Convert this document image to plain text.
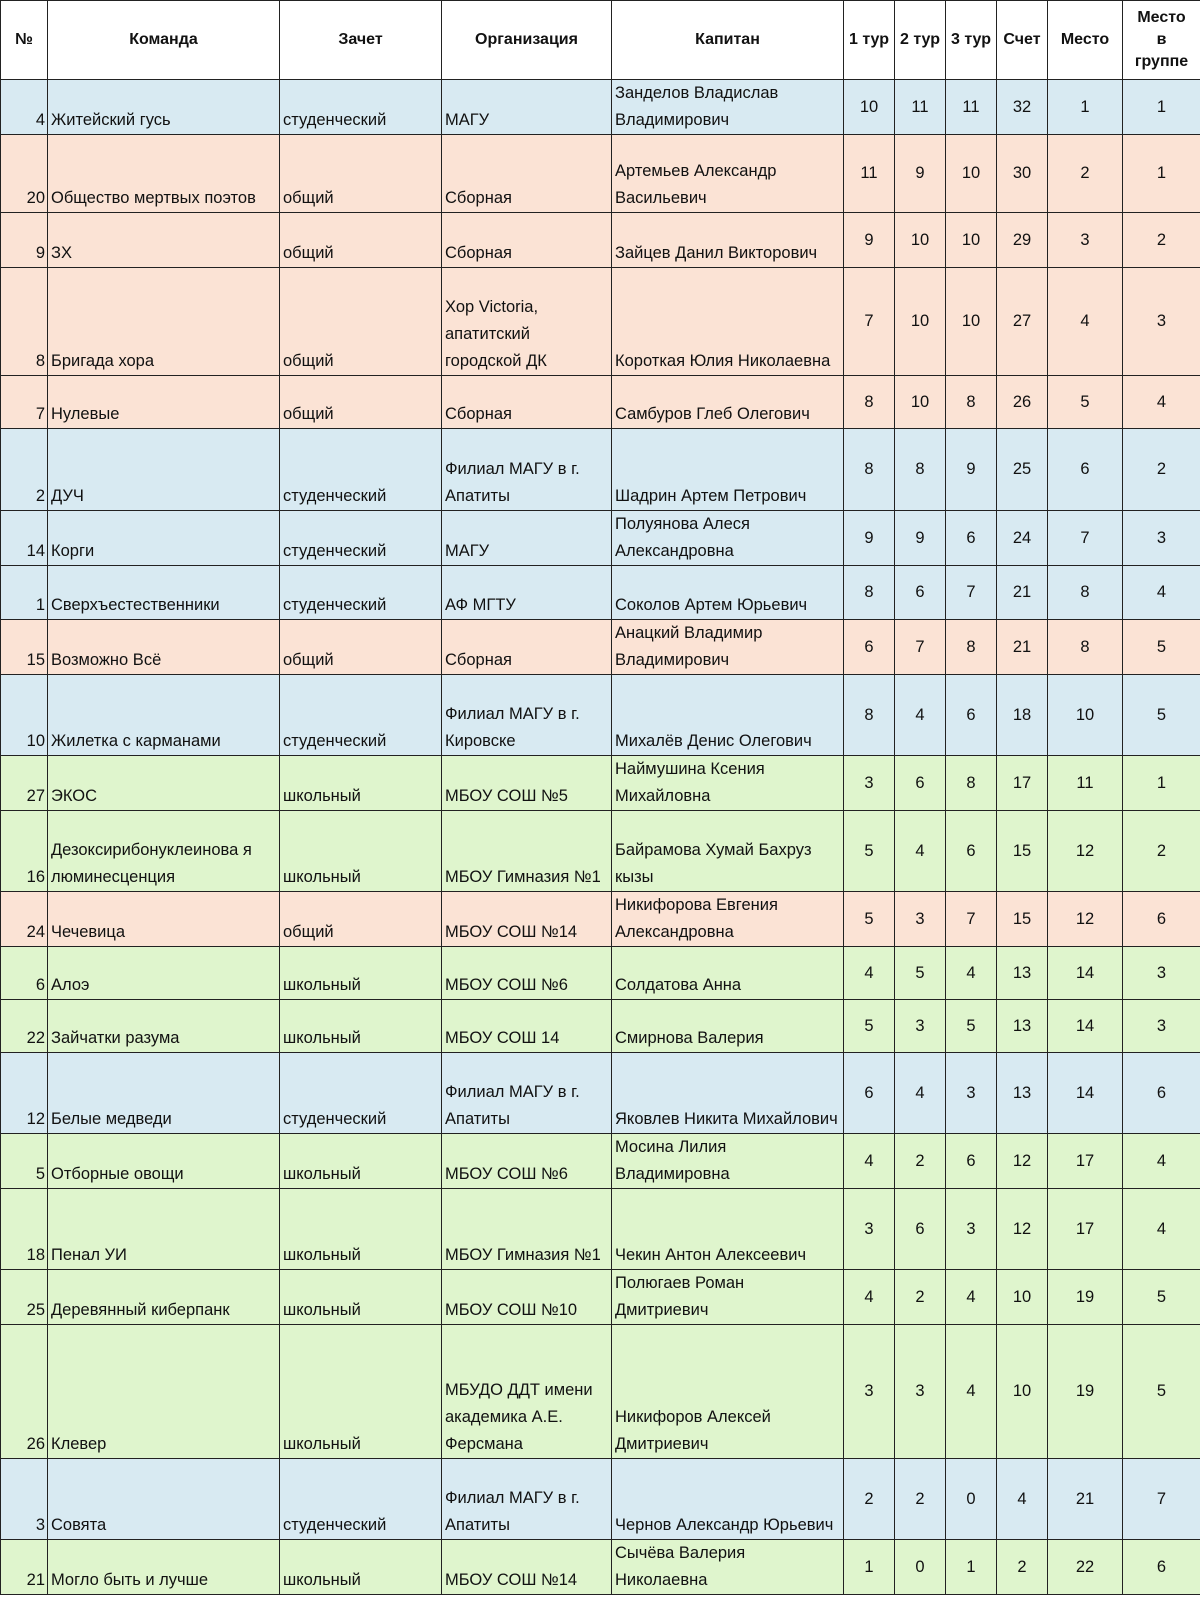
№	Команда	Зачет	Организация	Капитан	1 тур	2 тур	3 тур	Счет	Место	Место
в
группе

4	Житейский гусь	студенческий	МАГУ	Занделов Владислав Владимирович	10	11	11	32	1	1
20	Общество мертвых поэтов	общий	Сборная	Артемьев Александр Васильевич	11	9	10	30	2	1
9	ЗХ	общий	Сборная	Зайцев Данил Викторович	9	10	10	29	3	2
8	Бригада хора	общий	Хор Victoria, апатитский городской ДК	Короткая Юлия Николаевна	7	10	10	27	4	3
7	Нулевые	общий	Сборная	Самбуров Глеб Олегович	8	10	8	26	5	4
2	ДУЧ	студенческий	Филиал МАГУ в г. Апатиты	Шадрин Артем Петрович	8	8	9	25	6	2
14	Корги	студенческий	МАГУ	Полуянова Алеся Александровна	9	9	6	24	7	3
1	Сверхъестественники	студенческий	АФ МГТУ	Соколов Артем Юрьевич	8	6	7	21	8	4
15	Возможно Всё	общий	Сборная	Анацкий Владимир Владимирович	6	7	8	21	8	5
10	Жилетка с карманами	студенческий	Филиал МАГУ в г. Кировске	Михалёв Денис Олегович	8	4	6	18	10	5
27	ЭКОС	школьный	МБОУ СОШ №5	Наймушина Ксения Михайловна	3	6	8	17	11	1
16	Дезоксирибонуклеинова я люминесценция	школьный	МБОУ Гимназия №1	Байрамова Хумай Бахруз кызы	5	4	6	15	12	2
24	Чечевица	общий	МБОУ СОШ №14	Никифорова Евгения Александровна	5	3	7	15	12	6
6	Алоэ	школьный	МБОУ СОШ №6	Солдатова Анна	4	5	4	13	14	3
22	Зайчатки разума	школьный	МБОУ СОШ 14	Смирнова Валерия	5	3	5	13	14	3
12	Белые медведи	студенческий	Филиал МАГУ в г. Апатиты	Яковлев Никита Михайлович	6	4	3	13	14	6
5	Отборные овощи	школьный	МБОУ СОШ №6	Мосина Лилия Владимировна	4	2	6	12	17	4
18	Пенал УИ	школьный	МБОУ Гимназия №1	Чекин Антон Алексеевич	3	6	3	12	17	4
25	Деревянный киберпанк	школьный	МБОУ СОШ №10	Полюгаев Роман Дмитриевич	4	2	4	10	19	5
26	Клевер	школьный	МБУДО ДДТ имени академика А.Е. Ферсмана	Никифоров Алексей Дмитриевич	3	3	4	10	19	5
3	Совята	студенческий	Филиал МАГУ в г. Апатиты	Чернов Александр Юрьевич	2	2	0	4	21	7
21	Могло быть и лучше	школьный	МБОУ СОШ №14	Сычёва Валерия Николаевна	1	0	1	2	22	6
